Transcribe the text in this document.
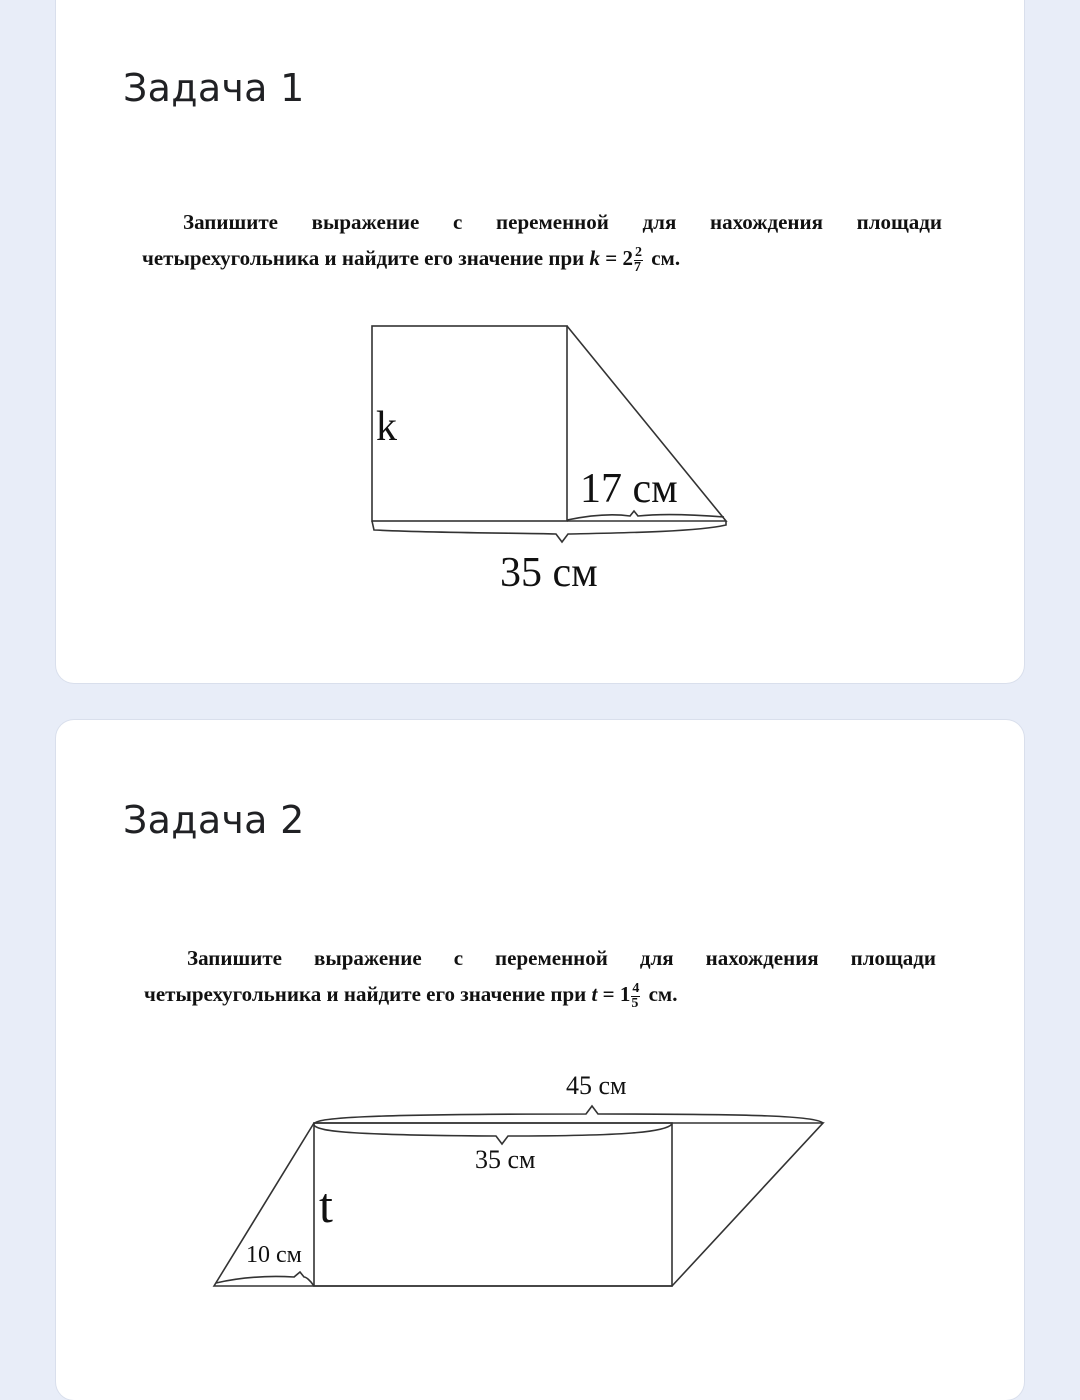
Задача 1
Запишите выражение с переменной для нахождения площади четырехугольника и найдите его значение при $k = 2 \frac{2}{7}$ см.
k
17 см
35 см
Задача 2
Запишите выражение с переменной для нахождения площади четырехугольника и найдите его значение при $t = 1 \frac{4}{5}$ см.
45 см
35 см
t
10 см
